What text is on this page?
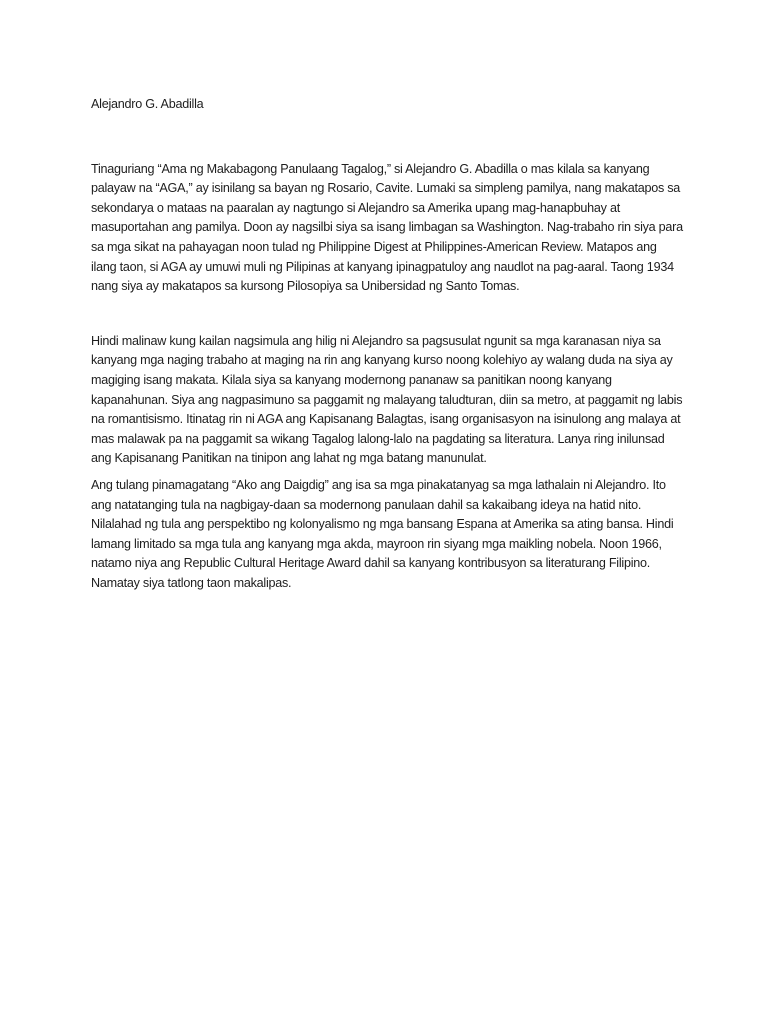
Alejandro G. Abadilla

Tinaguriang “Ama ng Makabagong Panulaang Tagalog,” si Alejandro G. Abadilla o mas kilala sa kanyang palayaw na “AGA,” ay isinilang sa bayan ng Rosario, Cavite. Lumaki sa simpleng pamilya, nang makatapos sa sekondarya o mataas na paaralan ay nagtungo si Alejandro sa Amerika upang mag-hanapbuhay at masuportahan ang pamilya. Doon ay nagsilbi siya sa isang limbagan sa Washington. Nag-trabaho rin siya para sa mga sikat na pahayagan noon tulad ng Philippine Digest at Philippines-American Review. Matapos ang ilang taon, si AGA ay umuwi muli ng Pilipinas at kanyang ipinagpatuloy ang naudlot na pag-aaral. Taong 1934 nang siya ay makatapos sa kursong Pilosopiya sa Unibersidad ng Santo Tomas.

Hindi malinaw kung kailan nagsimula ang hilig ni Alejandro sa pagsusulat ngunit sa mga karanasan niya sa kanyang mga naging trabaho at maging na rin ang kanyang kurso noong kolehiyo ay walang duda na siya ay magiging isang makata. Kilala siya sa kanyang modernong pananaw sa panitikan noong kanyang kapanahunan. Siya ang nagpasimuno sa paggamit ng malayang taludturan, diin sa metro, at paggamit ng labis na romantisismo. Itinatag rin ni AGA ang Kapisanang Balagtas, isang organisasyon na isinulong ang malaya at mas malawak pa na paggamit sa wikang Tagalog lalong-lalo na pagdating sa literatura. Lanya ring inilunsad ang Kapisanang Panitikan na tinipon ang lahat ng mga batang manunulat.

Ang tulang pinamagatang “Ako ang Daigdig” ang isa sa mga pinakatanyag sa mga lathalain ni Alejandro. Ito ang natatanging tula na nagbigay-daan sa modernong panulaan dahil sa kakaibang ideya na hatid nito. Nilalahad ng tula ang perspektibo ng kolonyalismo ng mga bansang Espana at Amerika sa ating bansa. Hindi lamang limitado sa mga tula ang kanyang mga akda, mayroon rin siyang mga maikling nobela. Noon 1966, natamo niya ang Republic Cultural Heritage Award dahil sa kanyang kontribusyon sa literaturang Filipino. Namatay siya tatlong taon makalipas.
